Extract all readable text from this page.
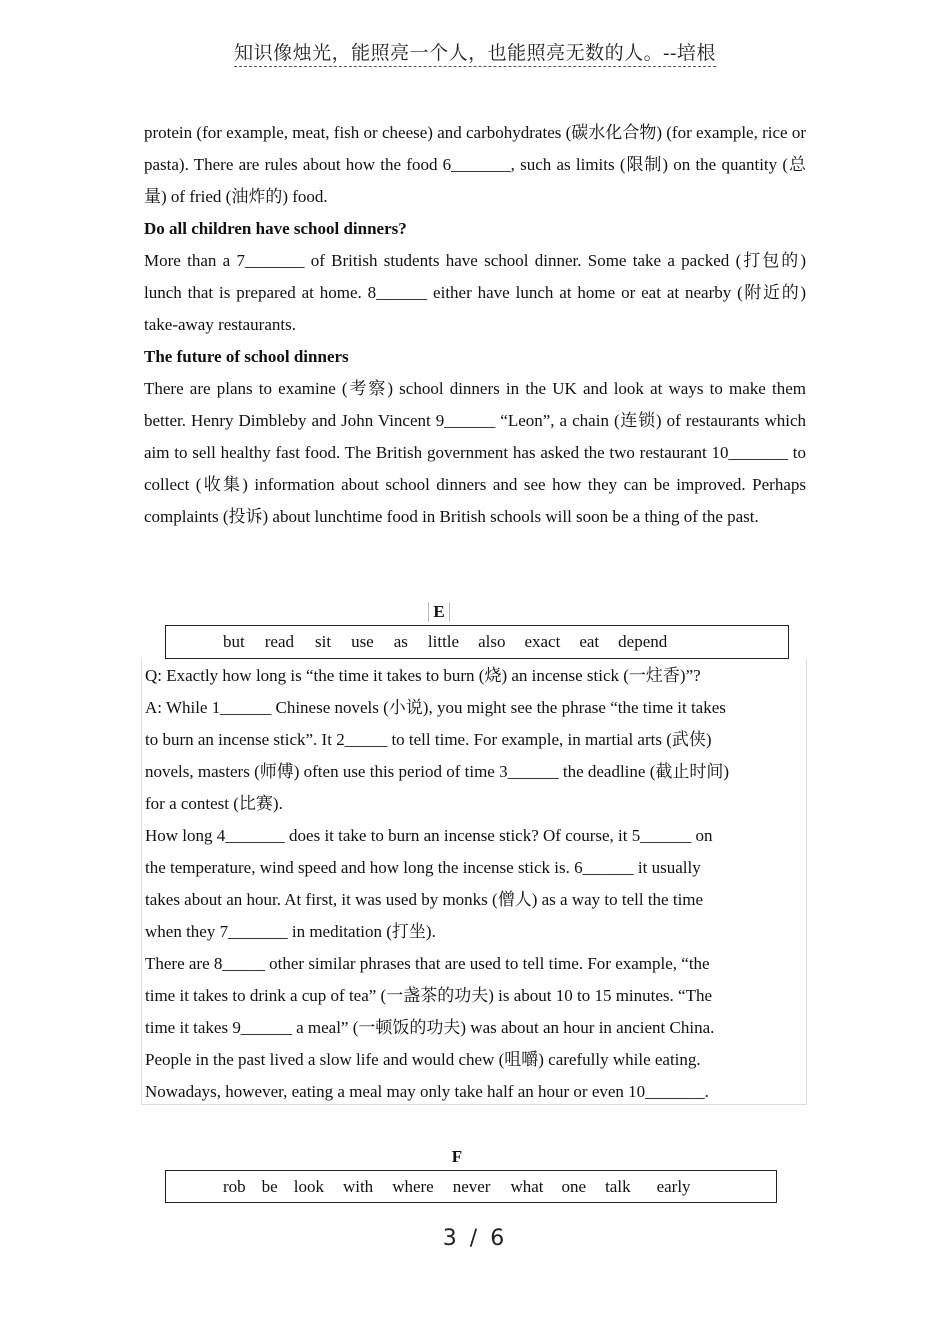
知识像烛光，能照亮一个人，也能照亮无数的人。--培根

protein (for example, meat, fish or cheese) and carbohydrates (碳水化合物) (for example, rice or pasta). There are rules about how the food 6_______, such as limits (限制) on the quantity (总量) of fried (油炸的) food.

Do all children have school dinners?

More than a 7_______ of British students have school dinner. Some take a packed (打包的) lunch that is prepared at home. 8______ either have lunch at home or eat at nearby (附近的) take-away restaurants.

The future of school dinners

There are plans to examine (考察) school dinners in the UK and look at ways to make them better. Henry Dimbleby and John Vincent 9______ “Leon”, a chain (连锁) of restaurants which aim to sell healthy fast food. The British government has asked the two restaurant 10_______ to collect (收集) information about school dinners and see how they can be improved. Perhaps complaints (投诉) about lunchtime food in British schools will soon be a thing of the past.

E
but read sit use as little also exact eat depend

Q: Exactly how long is “the time it takes to burn (烧) an incense stick (一炷香)”?

A: While 1______ Chinese novels (小说), you might see the phrase “the time it takes

to burn an incense stick”. It 2_____ to tell time. For example, in martial arts (武侠)

novels, masters (师傅) often use this period of time 3______ the deadline (截止时间)

for a contest (比赛).

How long 4_______ does it take to burn an incense stick? Of course, it 5______ on

the temperature, wind speed and how long the incense stick is. 6______ it usually

takes about an hour. At first, it was used by monks (僧人) as a way to tell the time

when they 7_______ in meditation (打坐).

There are 8_____ other similar phrases that are used to tell time. For example, “the

time it takes to drink a cup of tea” (一盏茶的功夫) is about 10 to 15 minutes. “The

time it takes 9______ a meal” (一顿饭的功夫) was about an hour in ancient China.

People in the past lived a slow life and would chew (咀嚼) carefully while eating.

Nowadays, however, eating a meal may only take half an hour or even 10_______.

F
rob be look with where never what one talk early
3 / 6
